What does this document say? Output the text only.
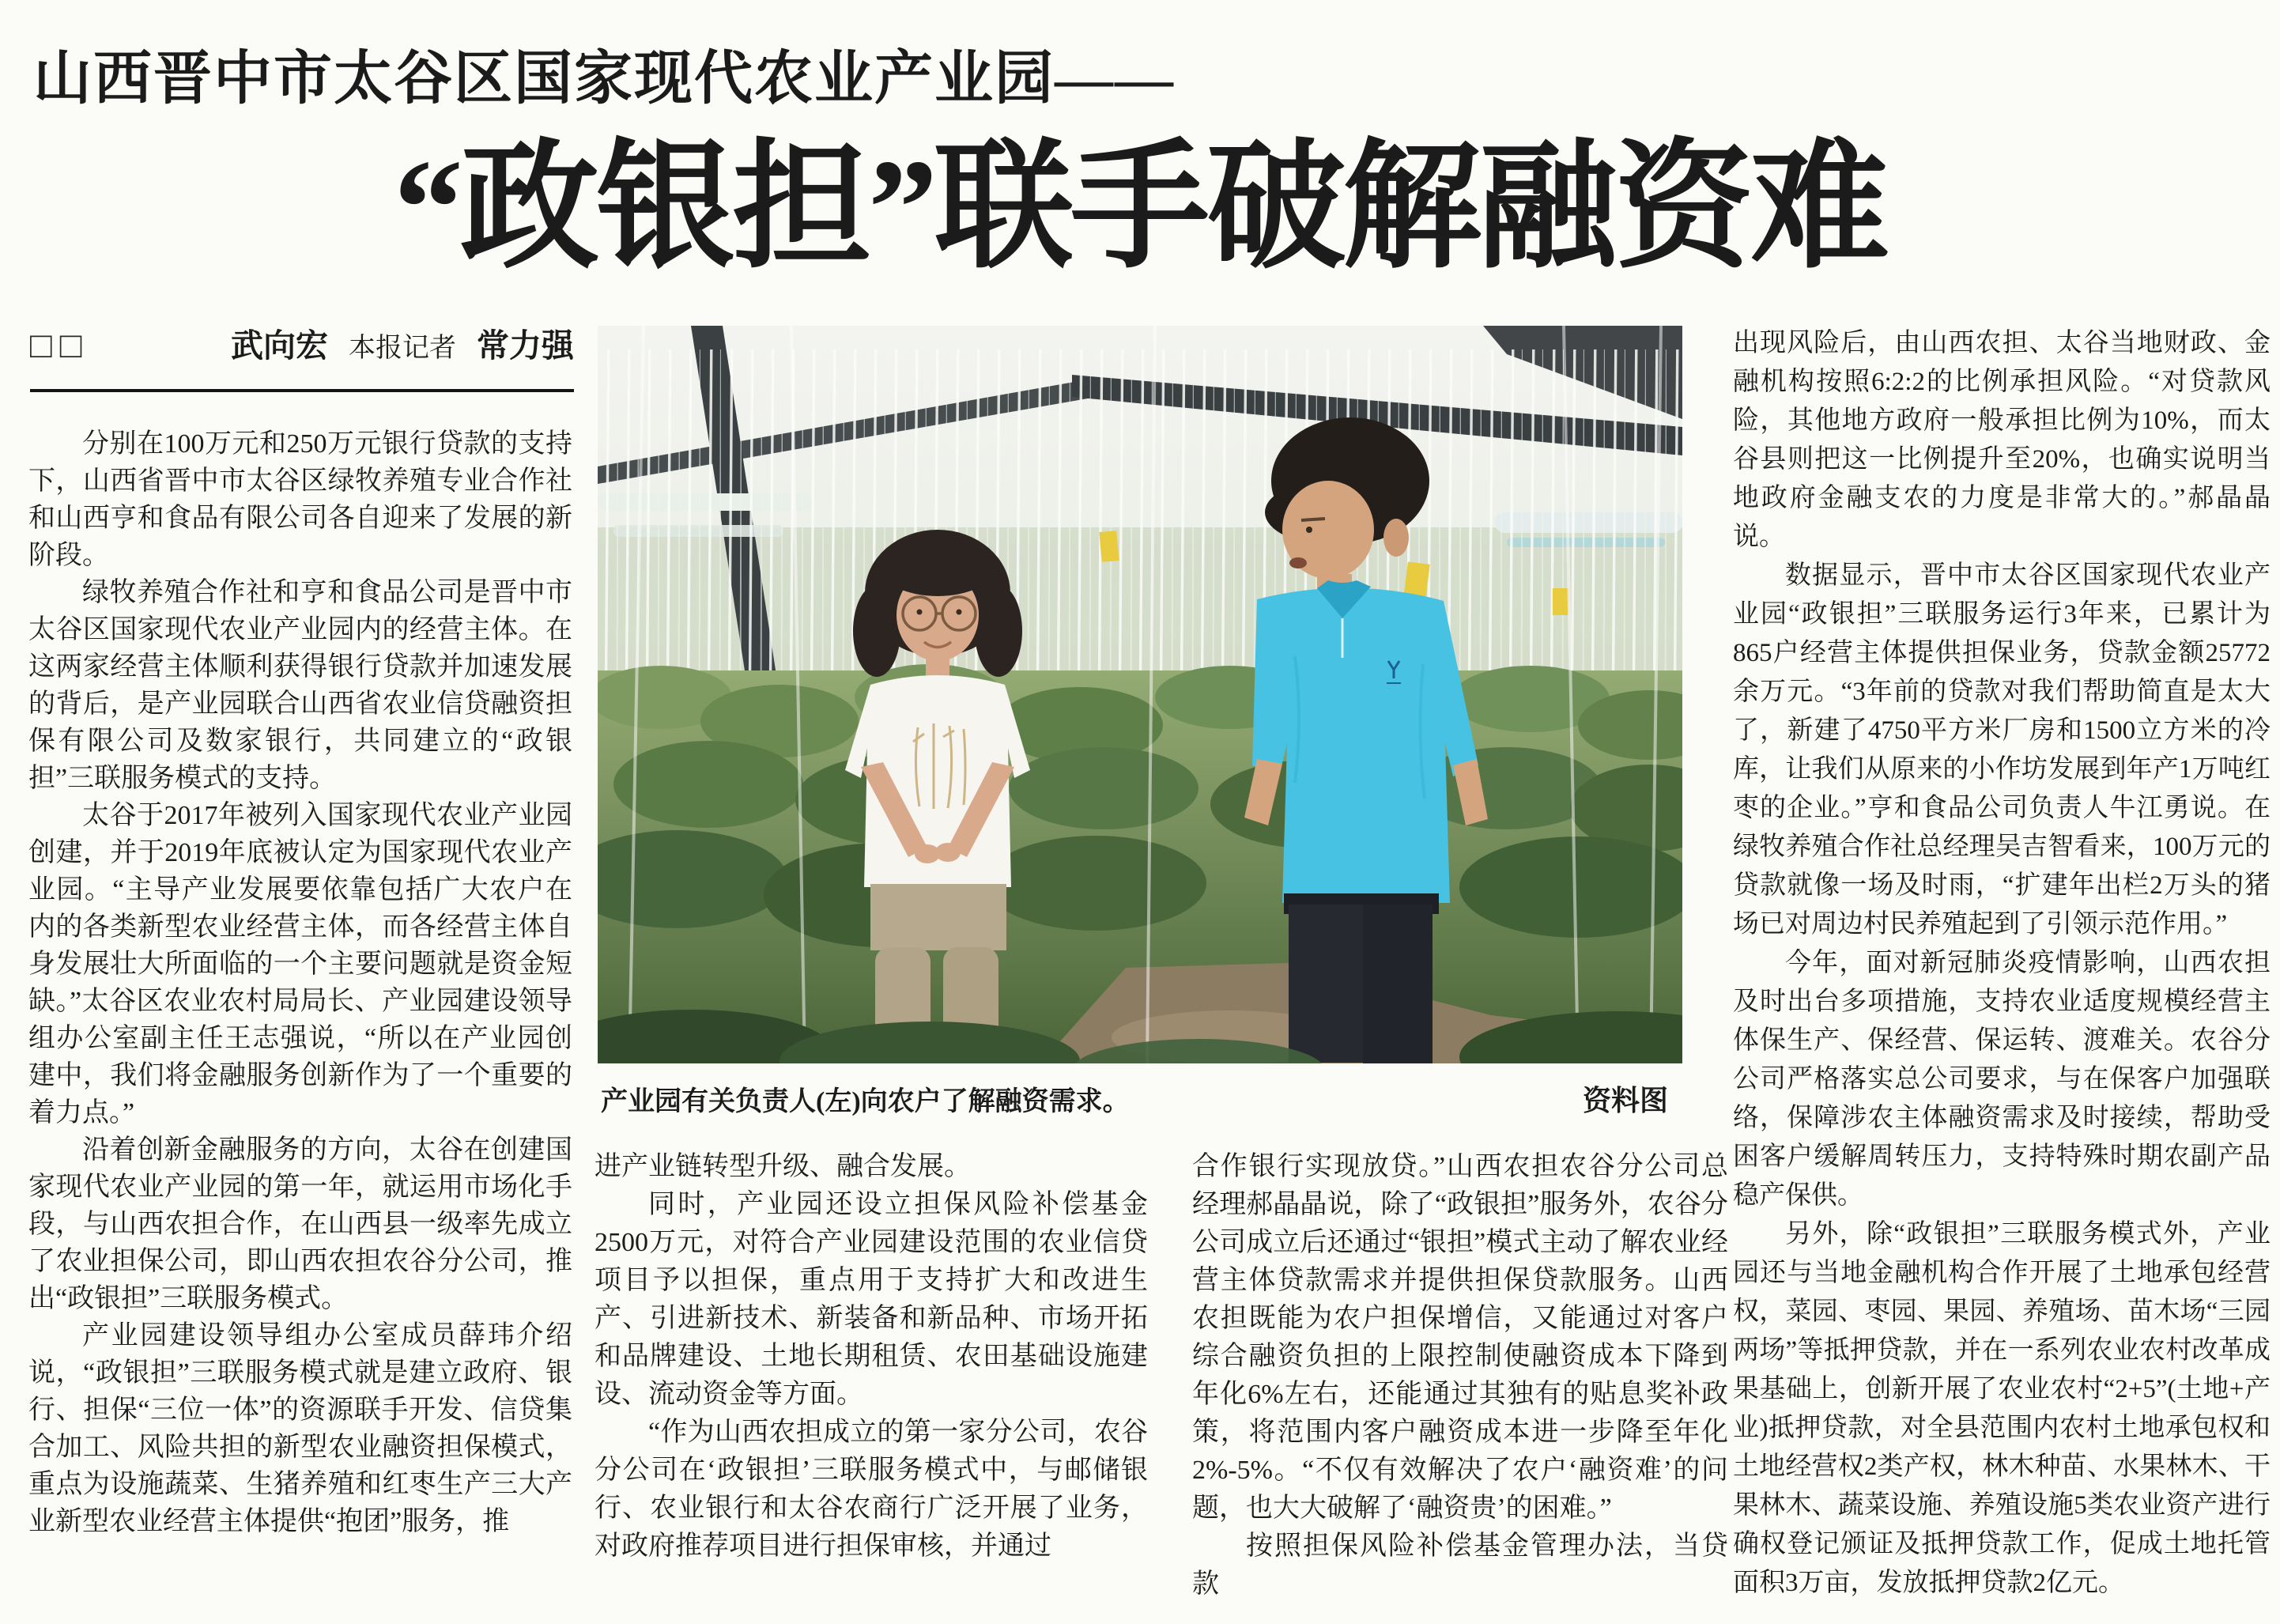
山西晋中市太谷区国家现代农业产业园——
“政银担”联手破解融资难
□□	武向宏 本报记者 常力强

分别在100万元和250万元银行贷款的支持下，山西省晋中市太谷区绿牧养殖专业合作社和山西亨和食品有限公司各自迎来了发展的新阶段。

绿牧养殖合作社和亨和食品公司是晋中市太谷区国家现代农业产业园内的经营主体。在这两家经营主体顺利获得银行贷款并加速发展的背后，是产业园联合山西省农业信贷融资担保有限公司及数家银行，共同建立的“政银担”三联服务模式的支持。

太谷于2017年被列入国家现代农业产业园创建，并于2019年底被认定为国家现代农业产业园。“主导产业发展要依靠包括广大农户在内的各类新型农业经营主体，而各经营主体自身发展壮大所面临的一个主要问题就是资金短缺。”太谷区农业农村局局长、产业园建设领导组办公室副主任王志强说，“所以在产业园创建中，我们将金融服务创新作为了一个重要的着力点。”

沿着创新金融服务的方向，太谷在创建国家现代农业产业园的第一年，就运用市场化手段，与山西农担合作，在山西县一级率先成立了农业担保公司，即山西农担农谷分公司，推出“政银担”三联服务模式。

产业园建设领导组办公室成员薛玮介绍说，“政银担”三联服务模式就是建立政府、银行、担保“三位一体”的资源联手开发、信贷集合加工、风险共担的新型农业融资担保模式，重点为设施蔬菜、生猪养殖和红枣生产三大产业新型农业经营主体提供“抱团”服务，推

产业园有关负责人(左)向农户了解融资需求。	资料图

进产业链转型升级、融合发展。

同时，产业园还设立担保风险补偿基金2500万元，对符合产业园建设范围的农业信贷项目予以担保，重点用于支持扩大和改进生产、引进新技术、新装备和新品种、市场开拓和品牌建设、土地长期租赁、农田基础设施建设、流动资金等方面。

“作为山西农担成立的第一家分公司，农谷分公司在‘政银担’三联服务模式中，与邮储银行、农业银行和太谷农商行广泛开展了业务，对政府推荐项目进行担保审核，并通过

合作银行实现放贷。”山西农担农谷分公司总经理郝晶晶说，除了“政银担”服务外，农谷分公司成立后还通过“银担”模式主动了解农业经营主体贷款需求并提供担保贷款服务。山西农担既能为农户担保增信，又能通过对客户综合融资负担的上限控制使融资成本下降到年化6%左右，还能通过其独有的贴息奖补政策，将范围内客户融资成本进一步降至年化2%-5%。“不仅有效解决了农户‘融资难’的问题，也大大破解了‘融资贵’的困难。”

按照担保风险补偿基金管理办法，当贷款

出现风险后，由山西农担、太谷当地财政、金融机构按照6:2:2的比例承担风险。“对贷款风险，其他地方政府一般承担比例为10%，而太谷县则把这一比例提升至20%，也确实说明当地政府金融支农的力度是非常大的。”郝晶晶说。

数据显示，晋中市太谷区国家现代农业产业园“政银担”三联服务运行3年来，已累计为865户经营主体提供担保业务，贷款金额25772余万元。“3年前的贷款对我们帮助简直是太大了，新建了4750平方米厂房和1500立方米的冷库，让我们从原来的小作坊发展到年产1万吨红枣的企业。”亨和食品公司负责人牛江勇说。在绿牧养殖合作社总经理吴吉智看来，100万元的贷款就像一场及时雨，“扩建年出栏2万头的猪场已对周边村民养殖起到了引领示范作用。”

今年，面对新冠肺炎疫情影响，山西农担及时出台多项措施，支持农业适度规模经营主体保生产、保经营、保运转、渡难关。农谷分公司严格落实总公司要求，与在保客户加强联络，保障涉农主体融资需求及时接续，帮助受困客户缓解周转压力，支持特殊时期农副产品稳产保供。

另外，除“政银担”三联服务模式外，产业园还与当地金融机构合作开展了土地承包经营权，菜园、枣园、果园、养殖场、苗木场“三园两场”等抵押贷款，并在一系列农业农村改革成果基础上，创新开展了农业农村“2+5”(土地+产业)抵押贷款，对全县范围内农村土地承包权和土地经营权2类产权，林木种苗、水果林木、干果林木、蔬菜设施、养殖设施5类农业资产进行确权登记颁证及抵押贷款工作，促成土地托管面积3万亩，发放抵押贷款2亿元。
